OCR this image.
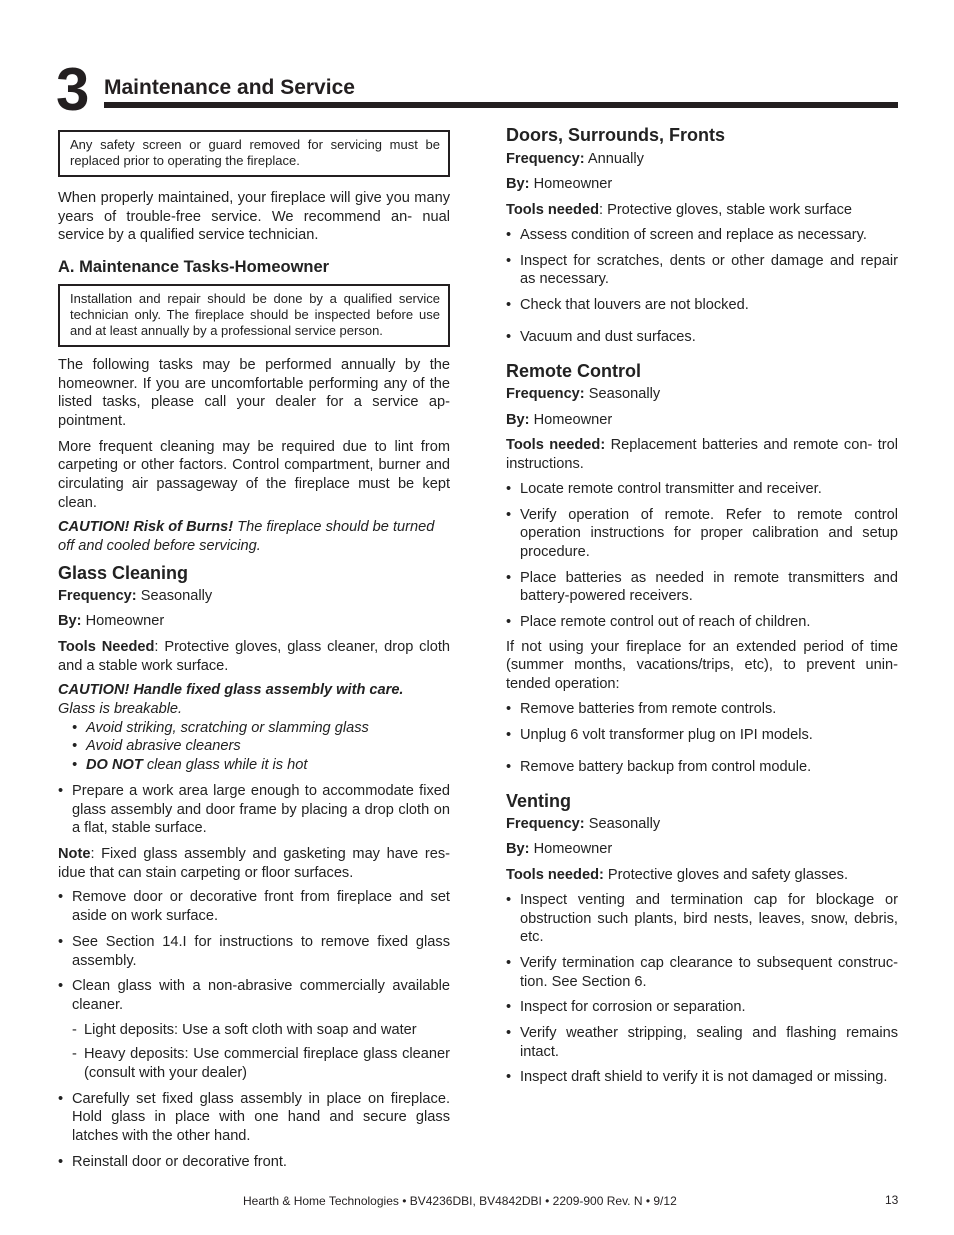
3 Maintenance and Service
Any safety screen or guard removed for servicing must be replaced prior to operating the fireplace.

When properly maintained, your fireplace will give you many years of trouble-free service. We recommend an- nual service by a qualified service technician.

A. Maintenance Tasks-Homeowner

Installation and repair should be done by a qualified service technician only. The fireplace should be inspected before use and at least annually by a professional service person.

The following tasks may be performed annually by the homeowner. If you are uncomfortable performing any of the listed tasks, please call your dealer for a service ap- pointment.

More frequent cleaning may be required due to lint from carpeting or other factors. Control compartment, burner and circulating air passageway of the fireplace must be kept clean.

CAUTION! Risk of Burns! The fireplace should be turned off and cooled before servicing.

Glass Cleaning

Frequency: Seasonally

By: Homeowner

Tools Needed: Protective gloves, glass cleaner, drop cloth and a stable work surface.

CAUTION! Handle fixed glass assembly with care.

Glass is breakable.

• Avoid striking, scratching or slamming glass
• Avoid abrasive cleaners
• DO NOT clean glass while it is hot
• Prepare a work area large enough to accommodate fixed glass assembly and door frame by placing a drop cloth on a flat, stable surface.

Note: Fixed glass assembly and gasketing may have res- idue that can stain carpeting or floor surfaces.

• Remove door or decorative front from fireplace and set aside on work surface.
• See Section 14.I for instructions to remove fixed glass assembly.
• Clean glass with a non-abrasive commercially available cleaner.
- Light deposits: Use a soft cloth with soap and water
- Heavy deposits: Use commercial fireplace glass cleaner (consult with your dealer)
• Carefully set fixed glass assembly in place on fireplace. Hold glass in place with one hand and secure glass latches with the other hand.
• Reinstall door or decorative front.

Doors, Surrounds, Fronts

Frequency: Annually

By: Homeowner

Tools needed: Protective gloves, stable work surface

• Assess condition of screen and replace as necessary.
• Inspect for scratches, dents or other damage and repair as necessary.
• Check that louvers are not blocked.
• Vacuum and dust surfaces.

Remote Control

Frequency: Seasonally

By: Homeowner

Tools needed: Replacement batteries and remote con- trol instructions.

• Locate remote control transmitter and receiver.
• Verify operation of remote. Refer to remote control operation instructions for proper calibration and setup procedure.
• Place batteries as needed in remote transmitters and battery-powered receivers.
• Place remote control out of reach of children.

If not using your fireplace for an extended period of time (summer months, vacations/trips, etc), to prevent unin- tended operation:

• Remove batteries from remote controls.
• Unplug 6 volt transformer plug on IPI models.
• Remove battery backup from control module.

Venting

Frequency: Seasonally

By: Homeowner

Tools needed: Protective gloves and safety glasses.

• Inspect venting and termination cap for blockage or obstruction such plants, bird nests, leaves, snow, debris, etc.
• Verify termination cap clearance to subsequent construc- tion. See Section 6.
• Inspect for corrosion or separation.
• Verify weather stripping, sealing and flashing remains intact.
• Inspect draft shield to verify it is not damaged or missing.
Hearth & Home Technologies • BV4236DBI, BV4842DBI • 2209-900 Rev. N • 9/12	13
